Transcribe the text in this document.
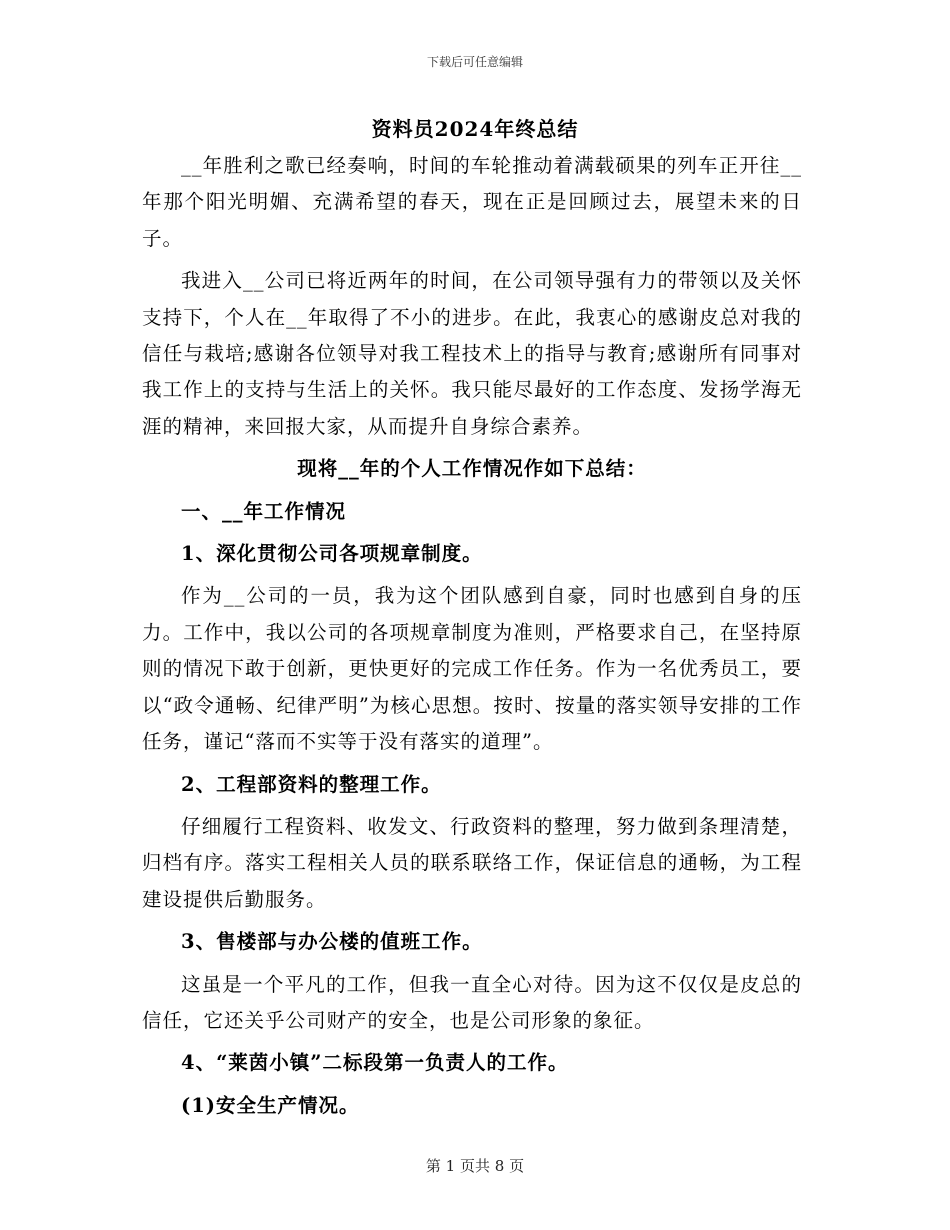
下载后可任意编辑
资料员2024年终总结

__年胜利之歌已经奏响，时间的车轮推动着满载硕果的列车正开往__年那个阳光明媚、充满希望的春天，现在正是回顾过去，展望未来的日子。

我进入__公司已将近两年的时间，在公司领导强有力的带领以及关怀支持下，个人在__年取得了不小的进步。在此，我衷心的感谢皮总对我的信任与栽培;感谢各位领导对我工程技术上的指导与教育;感谢所有同事对我工作上的支持与生活上的关怀。我只能尽最好的工作态度、发扬学海无涯的精神，来回报大家，从而提升自身综合素养。

现将__年的个人工作情况作如下总结：

一、__年工作情况

1、深化贯彻公司各项规章制度。

作为__公司的一员，我为这个团队感到自豪，同时也感到自身的压力。工作中，我以公司的各项规章制度为准则，严格要求自己，在坚持原则的情况下敢于创新，更快更好的完成工作任务。作为一名优秀员工，要以“政令通畅、纪律严明”为核心思想。按时、按量的落实领导安排的工作任务，谨记“落而不实等于没有落实的道理”。

2、工程部资料的整理工作。

仔细履行工程资料、收发文、行政资料的整理，努力做到条理清楚，归档有序。落实工程相关人员的联系联络工作，保证信息的通畅，为工程建设提供后勤服务。

3、售楼部与办公楼的值班工作。

这虽是一个平凡的工作，但我一直全心对待。因为这不仅仅是皮总的信任，它还关乎公司财产的安全，也是公司形象的象征。

4、“莱茵小镇”二标段第一负责人的工作。

(1)安全生产情况。

第 1 页共 8 页
